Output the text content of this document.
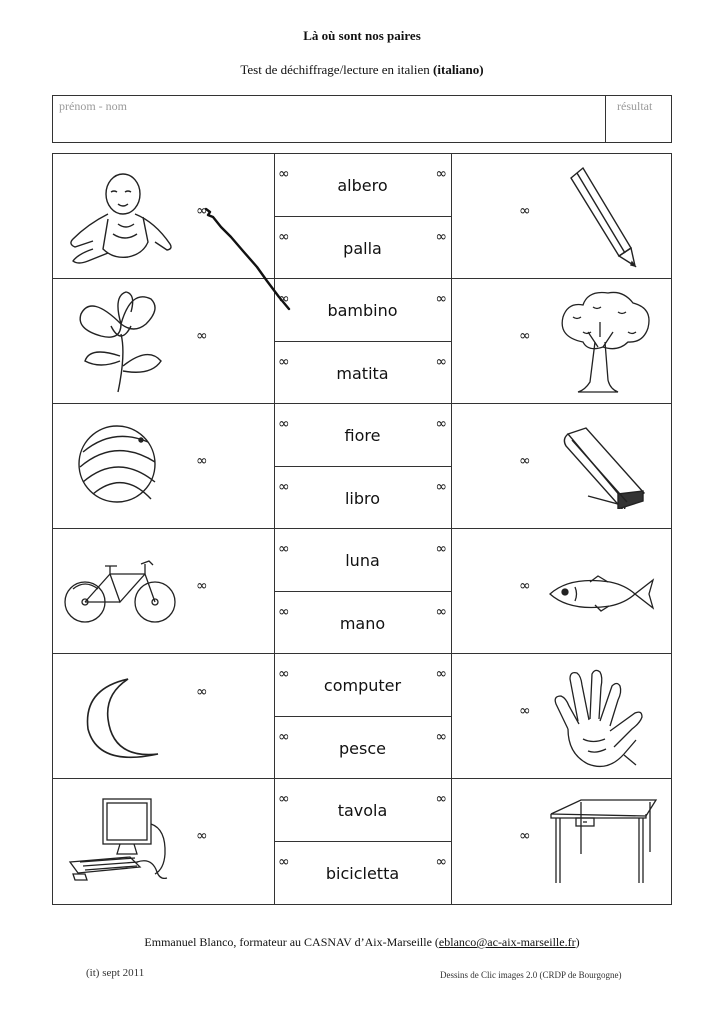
Là où sont nos paires
Test de déchiffrage/lecture en italien (italiano)
prénom - nom	résultat
∞
albero
∞
∞
palla
∞
∞
bambino
∞
∞
matita
∞
∞
fiore
∞
∞
libro
∞
∞
luna
∞
∞
mano
∞
∞
computer
∞
∞
pesce
∞
∞
tavola
∞
∞
bicicletta
∞
∞
∞
∞
∞
∞
∞
∞
∞
∞
∞
∞
∞
Emmanuel Blanco, formateur au CASNAV d’Aix-Marseille (eblanco@ac-aix-marseille.fr)
(it) sept 2011	Dessins de Clic images 2.0 (CRDP de Bourgogne)
